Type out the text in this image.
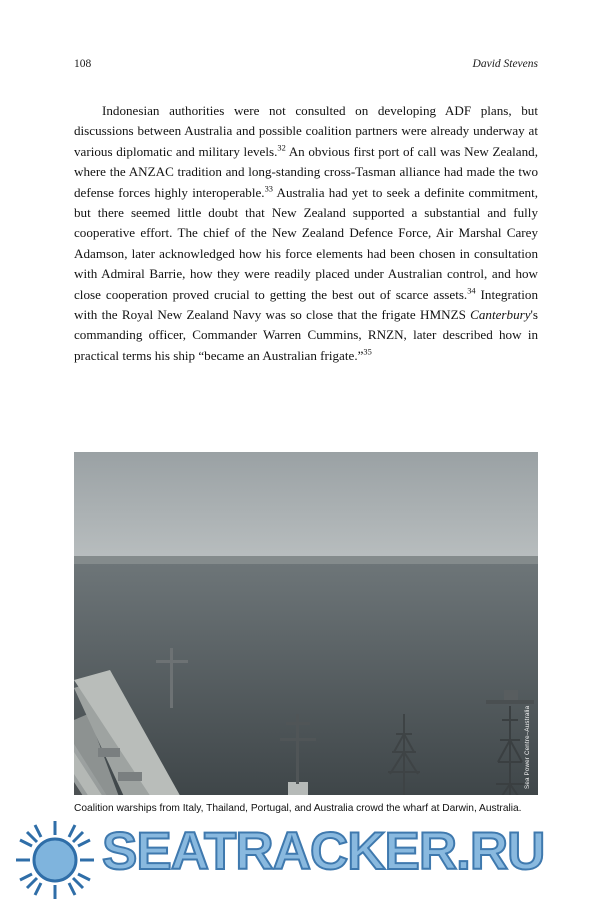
108	David Stevens

Indonesian authorities were not consulted on developing ADF plans, but discussions between Australia and possible coalition partners were already underway at various diplomatic and military levels.$^{32}$ An obvious first port of call was New Zealand, where the ANZAC tradition and long-standing cross-Tasman alliance had made the two defense forces highly interoperable.$^{33}$ Australia had yet to seek a definite commitment, but there seemed little doubt that New Zealand supported a substantial and fully cooperative effort. The chief of the New Zealand Defence Force, Air Marshal Carey Adamson, later acknowledged how his force elements had been chosen in consultation with Admiral Barrie, how they were readily placed under Australian control, and how close cooperation proved crucial to getting the best out of scarce assets.$^{34}$ Integration with the Royal New Zealand Navy was so close that the frigate HMNZS Canterbury's commanding officer, Commander Warren Cummins, RNZN, later described how in practical terms his ship “became an Australian frigate.”$^{35}$

Sea Power Centre–Australia
Coalition warships from Italy, Thailand, Portugal, and Australia crowd the wharf at Darwin, Australia.
SEATRACKER.RU
